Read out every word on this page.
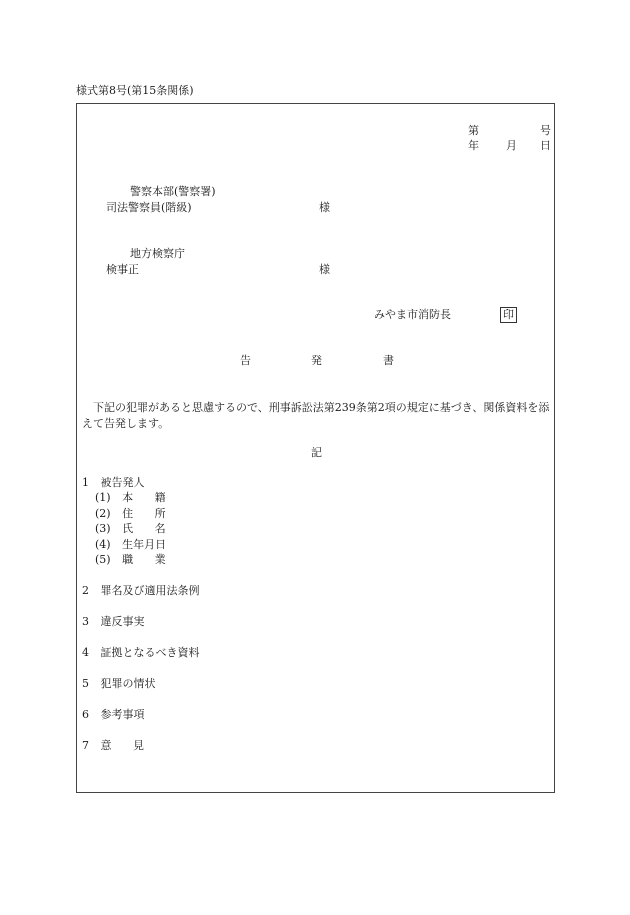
様式第8号(第15条関係)
第	号
年 月 日
警察本部(警察署)
司法警察員(階級)	様
地方検察庁
検事正	様
みやま市消防長	印
告	発	書
下記の犯罪があると思慮するので、刑事訴訟法第239条第2項の規定に基づき、関係資料を添えて告発します。
記
1 被告発人
(1) 本 籍
(2) 住 所
(3) 氏 名
(4) 生年月日
(5) 職 業
2 罪名及び適用法条例
3 違反事実
4 証拠となるべき資料
5 犯罪の情状
6 参考事項
7 意 見
